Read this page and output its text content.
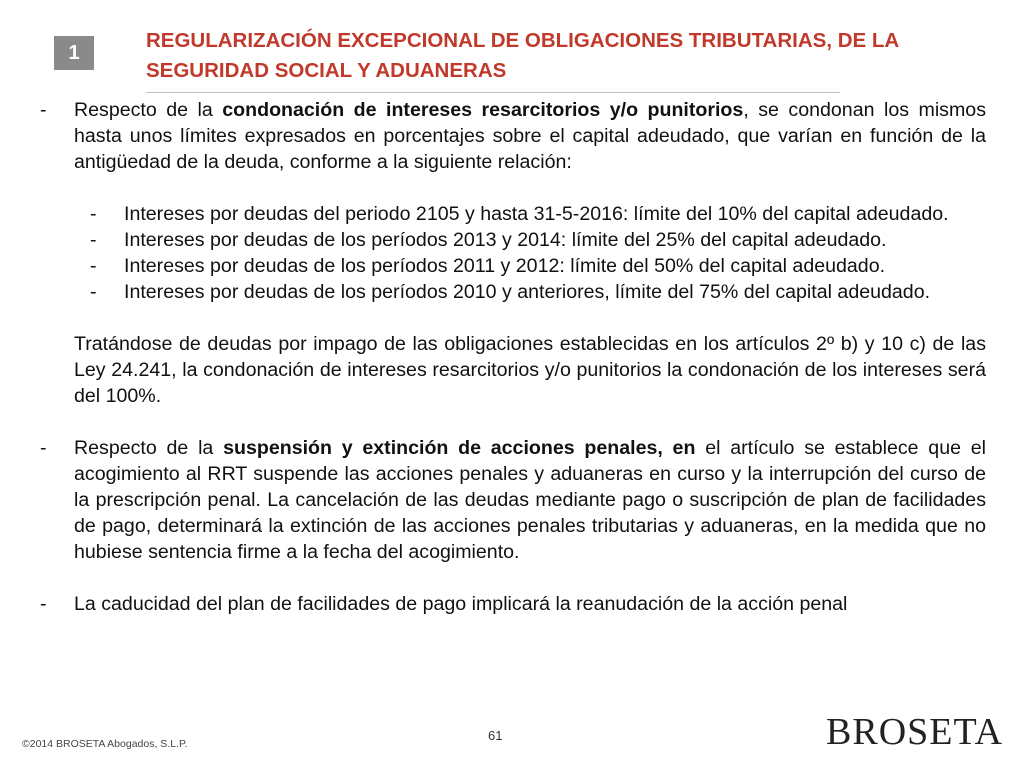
1
REGULARIZACIÓN EXCEPCIONAL DE OBLIGACIONES TRIBUTARIAS, DE LA
SEGURIDAD SOCIAL Y ADUANERAS
-	Respecto de la condonación de intereses resarcitorios y/o punitorios, se condonan los mismos hasta unos límites expresados en porcentajes sobre el capital adeudado, que varían en función de la antigüedad de la deuda, conforme a la siguiente relación:
-	Intereses por deudas del periodo 2105 y hasta 31-5-2016: límite del 10% del capital adeudado.
-	Intereses por deudas de los períodos 2013 y 2014: límite del 25% del capital adeudado.
-	Intereses por deudas de los períodos 2011 y 2012: límite del 50% del capital adeudado.
-	Intereses por deudas de los períodos 2010 y anteriores, límite del 75% del capital adeudado.
Tratándose de deudas por impago de las obligaciones establecidas en los artículos 2º b) y 10 c) de las Ley 24.241, la condonación de intereses resarcitorios y/o punitorios la condonación de los intereses será del 100%.
-	Respecto de la suspensión y extinción de acciones penales, en el artículo se establece que el acogimiento al RRT suspende las acciones penales y aduaneras en curso y la interrupción del curso de la prescripción penal. La cancelación de las deudas mediante pago o suscripción de plan de facilidades de pago, determinará la extinción de las acciones penales tributarias y aduaneras, en la medida que no hubiese sentencia firme a la fecha del acogimiento.
-	La caducidad del plan de facilidades de pago implicará la reanudación de la acción penal
©2014 BROSETA Abogados, S.L.P.
61	BROSETA
